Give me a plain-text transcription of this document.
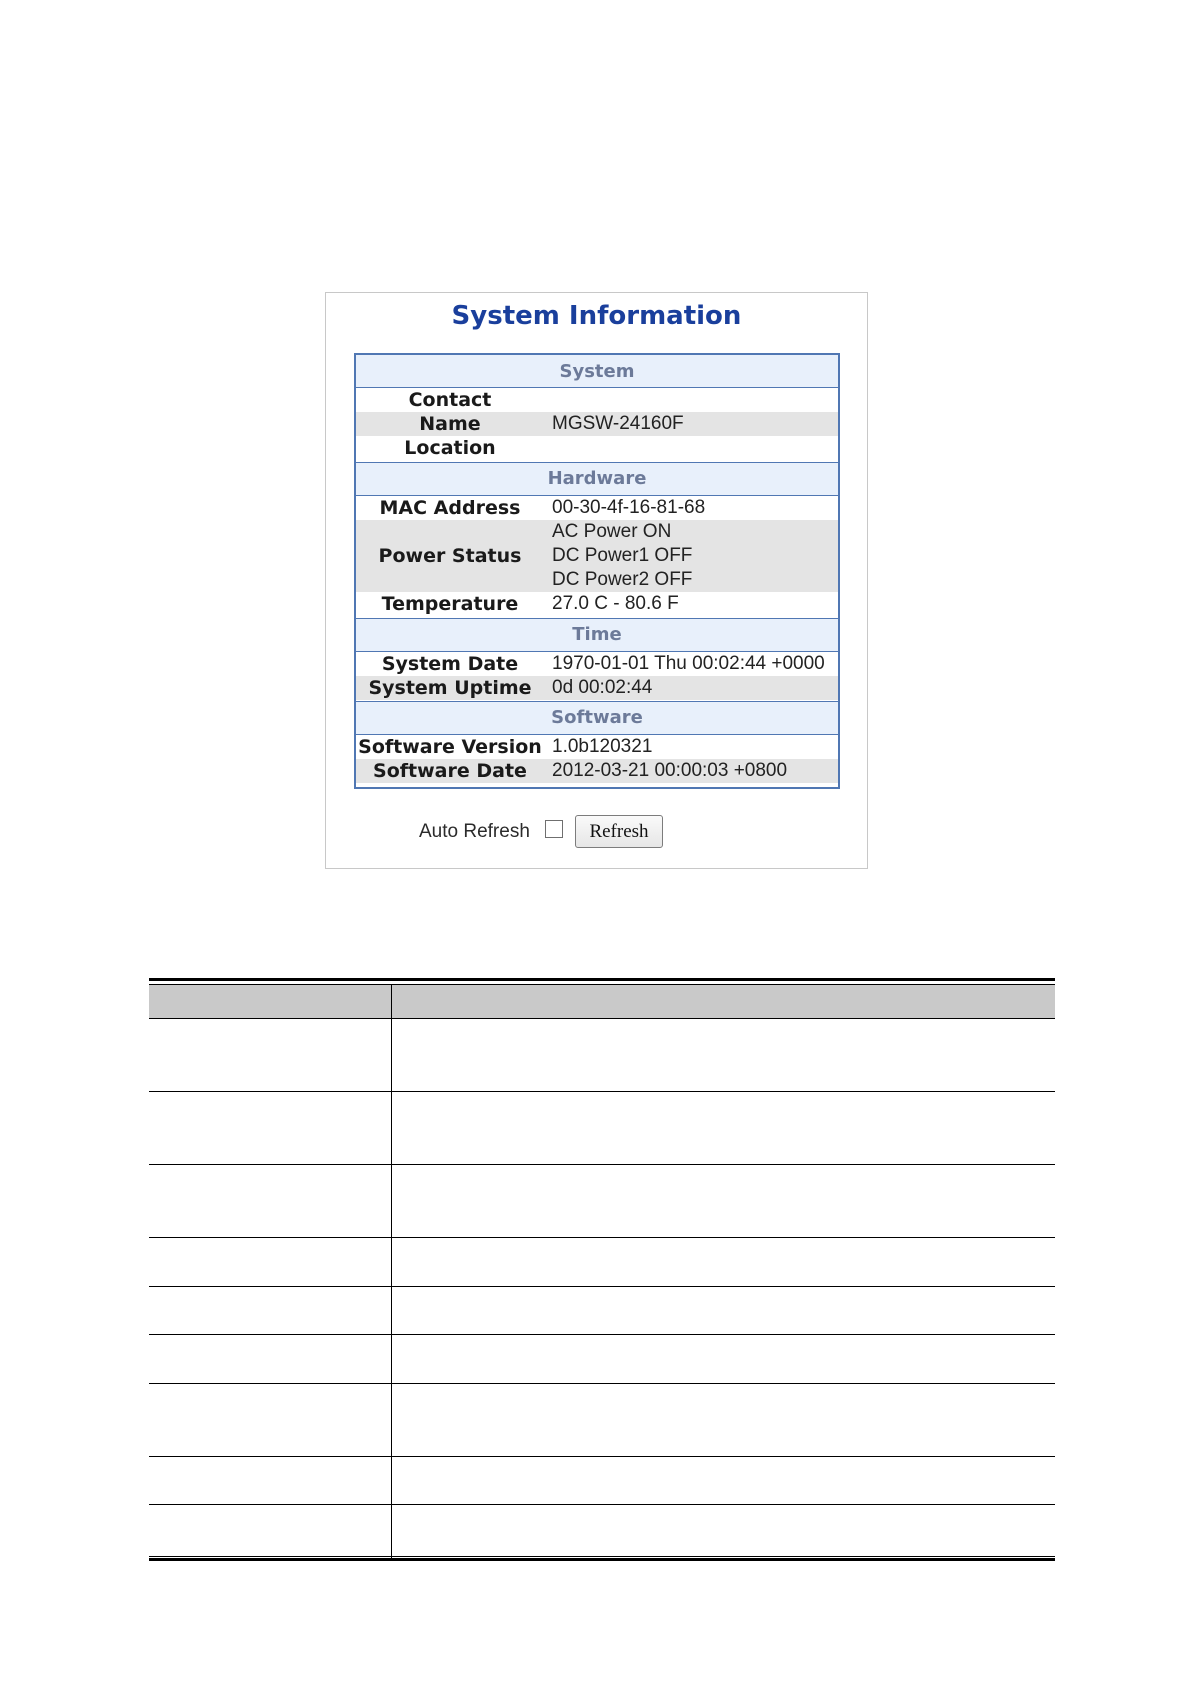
System Information
System
Contact
Name	MGSW-24160F
Location
Hardware
MAC Address	00-30-4f-16-81-68
Power Status
AC Power ON
DC Power1 OFF
DC Power2 OFF
Temperature	27.0 C - 80.6 F
Time
System Date	1970-01-01 Thu 00:02:44 +0000
System Uptime	0d 00:02:44
Software
Software Version 1.0b120321
Software Date	2012-03-21 00:00:03 +0800
Auto Refresh	Refresh
